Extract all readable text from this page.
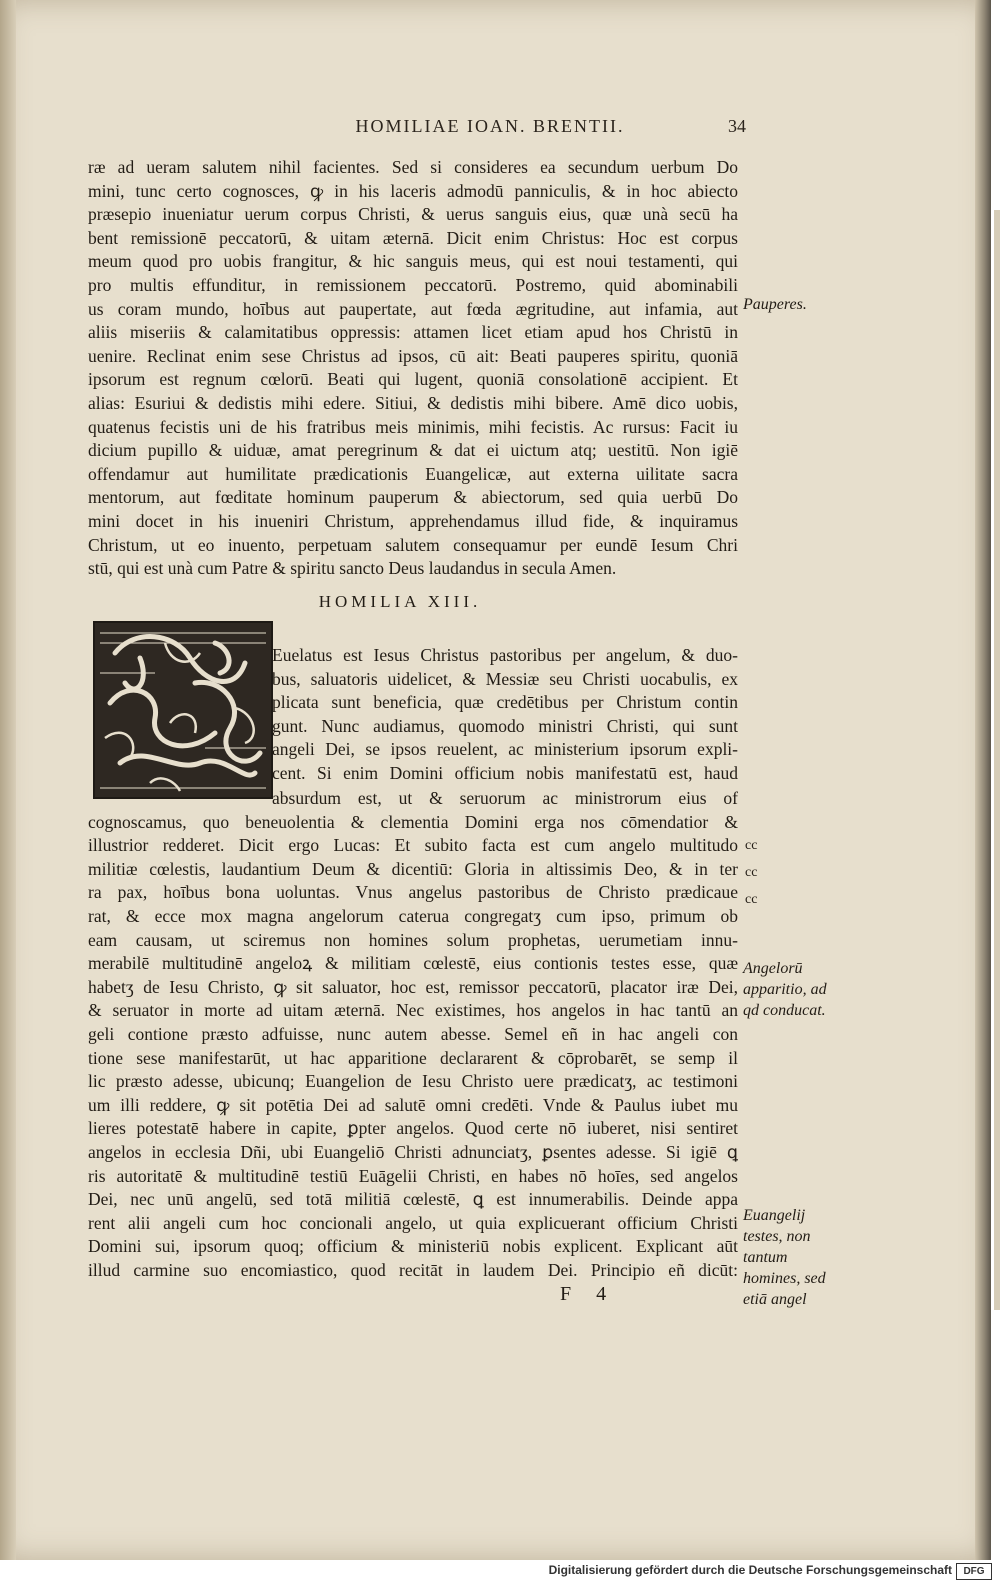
HOMILIAE IOAN. BRENTII.	34
ræ ad ueram salutem nihil facientes. Sed si consideres ea secundum uerbum Do
mini, tunc certo cognosces, ꝙ in his laceris admodū panniculis, & in hoc abiecto
præsepio inueniatur uerum corpus Christi, & uerus sanguis eius, quæ unà secū ha
bent remissionē peccatorū, & uitam æternā. Dicit enim Christus: Hoc est corpus
meum quod pro uobis frangitur, & hic sanguis meus, qui est noui testamenti, qui
pro multis effunditur, in remissionem peccatorū. Postremo, quid abominabili
us coram mundo, hoībus aut paupertate, aut fœda ægritudine, aut infamia, aut
aliis miseriis & calamitatibus oppressis: attamen licet etiam apud hos Christū in
uenire. Reclinat enim sese Christus ad ipsos, cū ait: Beati pauperes spiritu, quoniā
ipsorum est regnum cœlorū. Beati qui lugent, quoniā consolationē accipient. Et
alias: Esuriui & dedistis mihi edere. Sitiui, & dedistis mihi bibere. Amē dico uobis,
quatenus fecistis uni de his fratribus meis minimis, mihi fecistis. Ac rursus: Facit iu
dicium pupillo & uiduæ, amat peregrinum & dat ei uictum atq; uestitū. Non igiē
offendamur aut humilitate prædicationis Euangelicæ, aut externa uilitate sacra
mentorum, aut fœditate hominum pauperum & abiectorum, sed quia uerbū Do
mini docet in his inueniri Christum, apprehendamus illud fide, & inquiramus
Christum, ut eo inuento, perpetuam salutem consequamur per eundē Iesum Chri
stū, qui est unà cum Patre & spiritu sancto Deus laudandus in secula Amen.
HOMILIA XIII.
Euelatus est Iesus Christus pastoribus per angelum, & duo-
bus, saluatoris uidelicet, & Messiæ seu Christi uocabulis, ex
plicata sunt beneficia, quæ credētibus per Christum contin
gunt. Nunc audiamus, quomodo ministri Christi, qui sunt
angeli Dei, se ipsos reuelent, ac ministerium ipsorum expli-
cent. Si enim Domini officium nobis manifestatū est, haud
absurdum est, ut & seruorum ac ministrorum eius of
cognoscamus, quo beneuolentia & clementia Domini erga nos cōmendatior &
illustrior redderet. Dicit ergo Lucas: Et subito facta est cum angelo multitudo
militiæ cœlestis, laudantium Deum & dicentiū: Gloria in altissimis Deo, & in ter
ra pax, hoībus bona uoluntas. Vnus angelus pastoribus de Christo prædicaue
rat, & ecce mox magna angelorum caterua congregatʒ cum ipso, primum ob
eam causam, ut sciremus non homines solum prophetas, uerumetiam innu-
merabilē multitudinē angeloꝝ & militiam cœlestē, eius contionis testes esse, quæ
habetʒ de Iesu Christo, ꝙ sit saluator, hoc est, remissor peccatorū, placator iræ Dei,
& seruator in morte ad uitam æternā. Nec existimes, hos angelos in hac tantū an
geli contione præsto adfuisse, nunc autem abesse. Semel eñ in hac angeli con
tione sese manifestarūt, ut hac apparitione declararent & cōprobarēt, se semp il
lic præsto adesse, ubicunq; Euangelion de Iesu Christo uere prædicatʒ, ac testimoni
um illi reddere, ꝙ sit potētia Dei ad salutē omni credēti. Vnde & Paulus iubet mu
lieres potestatē habere in capite, ꝑpter angelos. Quod certe nō iuberet, nisi sentiret
angelos in ecclesia Dñi, ubi Euangeliō Christi adnunciatʒ, ꝑsentes adesse. Si igiē ꝗ
ris autoritatē & multitudinē testiū Euāgelii Christi, en habes nō hoīes, sed angelos
Dei, nec unū angelū, sed totā militiā cœlestē, ꝗ est innumerabilis. Deinde appa
rent alii angeli cum hoc concionali angelo, ut quia explicuerant officium Christi
Domini sui, ipsorum quoq; officium & ministeriū nobis explicent. Explicant aūt
illud carmine suo encomiastico, quod recitāt in laudem Dei. Principio eñ dicūt:
Pauperes.
cc
cc
cc
Angelorū apparitio, ad qd conducat.
Euangelij testes, non tantum homines, sed etiā angel
F 4
Digitalisierung gefördert durch die Deutsche Forschungsgemeinschaft	DFG
